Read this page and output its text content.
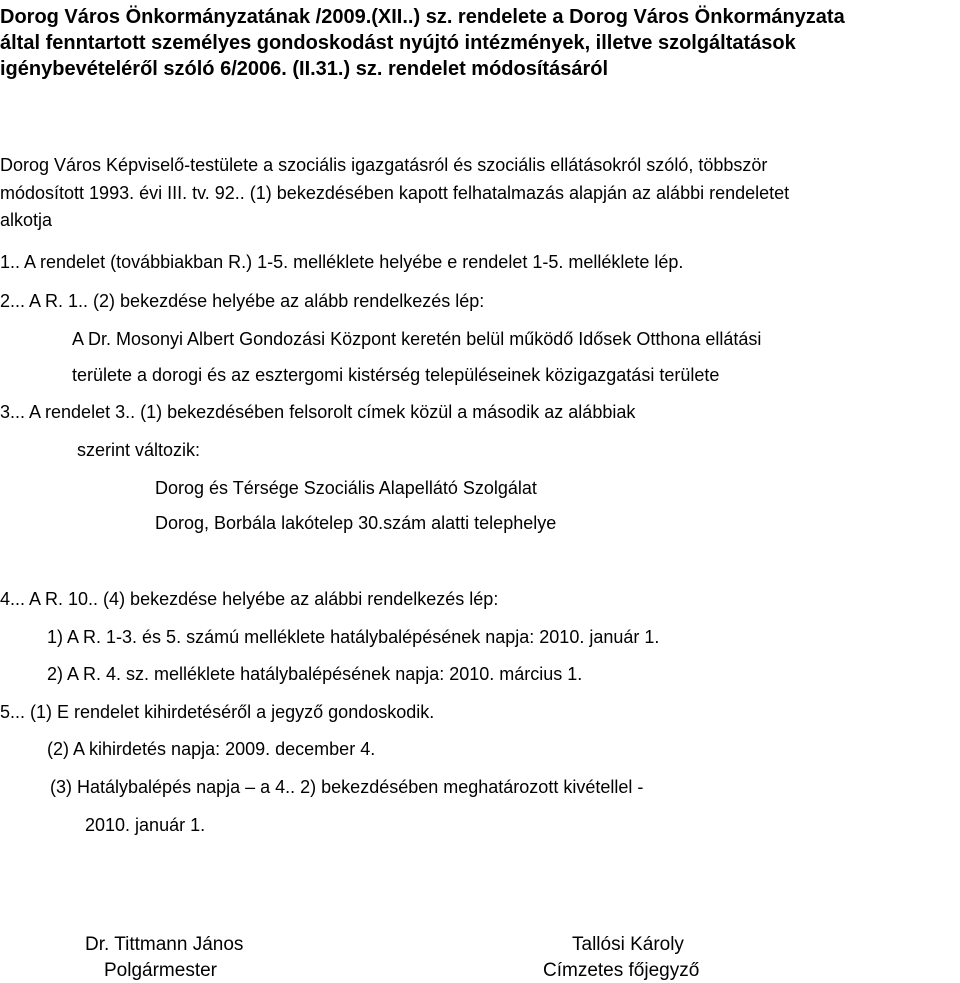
Dorog Város Önkormányzatának /2009.(XII..) sz. rendelete a Dorog Város Önkormányzata
által fenntartott személyes gondoskodást nyújtó intézmények, illetve szolgáltatások
igénybevételéről szóló 6/2006. (II.31.) sz. rendelet módosításáról
Dorog Város Képviselő-testülete a szociális igazgatásról és szociális ellátásokról szóló, többször
módosított 1993. évi III. tv. 92.. (1) bekezdésében kapott felhatalmazás alapján az alábbi rendeletet
alkotja

1.. A rendelet (továbbiakban R.) 1-5. melléklete helyébe e rendelet 1-5. melléklete lép.

2... A R. 1.. (2) bekezdése helyébe az alább rendelkezés lép:

A Dr. Mosonyi Albert Gondozási Központ keretén belül működő Idősek Otthona ellátási

területe a dorogi és az esztergomi kistérség településeinek közigazgatási területe

3... A rendelet 3.. (1) bekezdésében felsorolt címek közül a második az alábbiak

szerint változik:

Dorog és Térsége Szociális Alapellátó Szolgálat

Dorog, Borbála lakótelep 30.szám alatti telephelye

4... A R. 10.. (4) bekezdése helyébe az alábbi rendelkezés lép:

1) A R. 1-3. és 5. számú melléklete hatálybalépésének napja: 2010. január 1.

2) A R. 4. sz. melléklete hatálybalépésének napja: 2010. március 1.

5... (1) E rendelet kihirdetéséről a jegyző gondoskodik.

(2) A kihirdetés napja: 2009. december 4.

(3) Hatálybalépés napja – a 4.. 2) bekezdésében meghatározott kivétellel -

2010. január 1.

Dr. Tittmann János
Polgármester
Tallósi Károly
Címzetes főjegyző
